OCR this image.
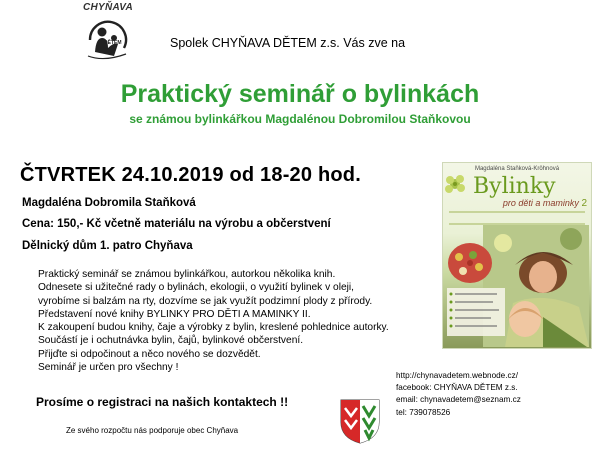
CHYŇAVA
DĚTEM	Spolek CHYŇAVA DĚTEM z.s. Vás zve na
Praktický seminář o bylinkách
se známou bylinkářkou Magdalénou Dobromilou Staňkovou
ČTVRTEK 24.10.2019 od 18-20 hod.
Magdaléna Dobromila Staňková
Cena: 150,- Kč včetně materiálu na výrobu a občerstvení
Dělnický dům 1. patro Chyňava
Magdaléna Staňková-Kröhnová
Bylinky
pro děti a maminky 2
Praktický seminář se známou bylinkářkou, autorkou několika knih.
Odnesete si užitečné rady o bylinách, ekologii, o využití bylinek v oleji,
vyrobíme si balzám na rty, dozvíme se jak využít podzimní plody z přírody.
Představení nové knihy BYLINKY PRO DĚTI A MAMINKY II.
K zakoupení budou knihy, čaje a výrobky z bylin, kreslené pohlednice autorky.
Součástí je i ochutnávka bylin, čajů, bylinkové občerstvení.
Přijďte si odpočinout a něco nového se dozvědět.
Seminář je určen pro všechny !
Prosíme o registraci na našich kontaktech !!
http://chynavadetem.webnode.cz/
facebook: CHYŇAVA DĚTEM z.s.
email: chynavadetem@seznam.cz
tel: 739078526
Ze svého rozpočtu nás podporuje obec Chyňava
